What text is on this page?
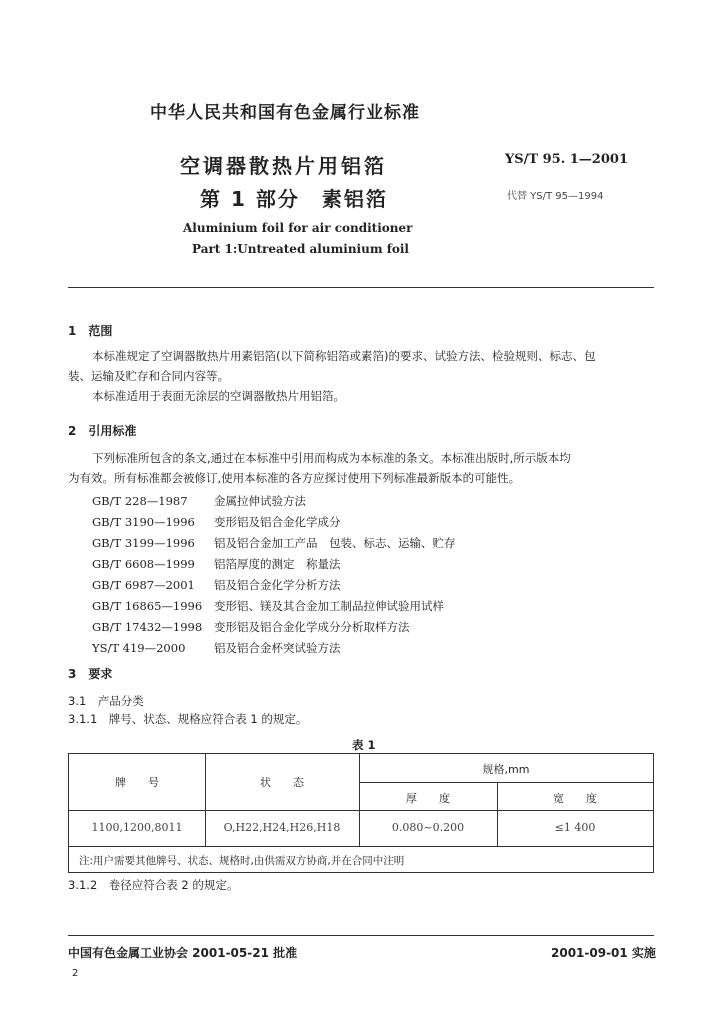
中华人民共和国有色金属行业标准
空调器散热片用铝箔
第 1 部分　素铝箔
YS/T 95. 1—2001
代替 YS/T 95—1994
Aluminium foil for air conditioner
Part 1:Untreated aluminium foil
1　范围
本标准规定了空调器散热片用素铝箔(以下简称铝箔或素箔)的要求、试验方法、检验规则、标志、包
装、运输及贮存和合同内容等。
本标准适用于表面无涂层的空调器散热片用铝箔。
2　引用标准
下列标准所包含的条文,通过在本标准中引用而构成为本标准的条文。本标准出版时,所示版本均
为有效。所有标准都会被修订,使用本标准的各方应探讨使用下列标准最新版本的可能性。
GB/T 228—1987 金属拉伸试验方法
GB/T 3190—1996 变形铝及铝合金化学成分
GB/T 3199—1996 铝及铝合金加工产品　包装、标志、运输、贮存
GB/T 6608—1999 铝箔厚度的测定　称量法
GB/T 6987—2001 铝及铝合金化学分析方法
GB/T 16865—1996 变形铝、镁及其合金加工制品拉伸试验用试样
GB/T 17432—1998 变形铝及铝合金化学成分分析取样方法
YS/T 419—2000 铝及铝合金杯突试验方法
3　要求
3.1　产品分类
3.1.1　牌号、状态、规格应符合表 1 的规定。
表 1
牌　　号	状　　态
规格,mm
厚　　度	宽　　度
1100,1200,8011	O,H22,H24,H26,H18	0.080~0.200	≤1 400
注:用户需要其他牌号、状态、规格时,由供需双方协商,并在合同中注明
3.1.2　卷径应符合表 2 的规定。
中国有色金属工业协会 2001-05-21 批准	2001-09-01 实施
2
